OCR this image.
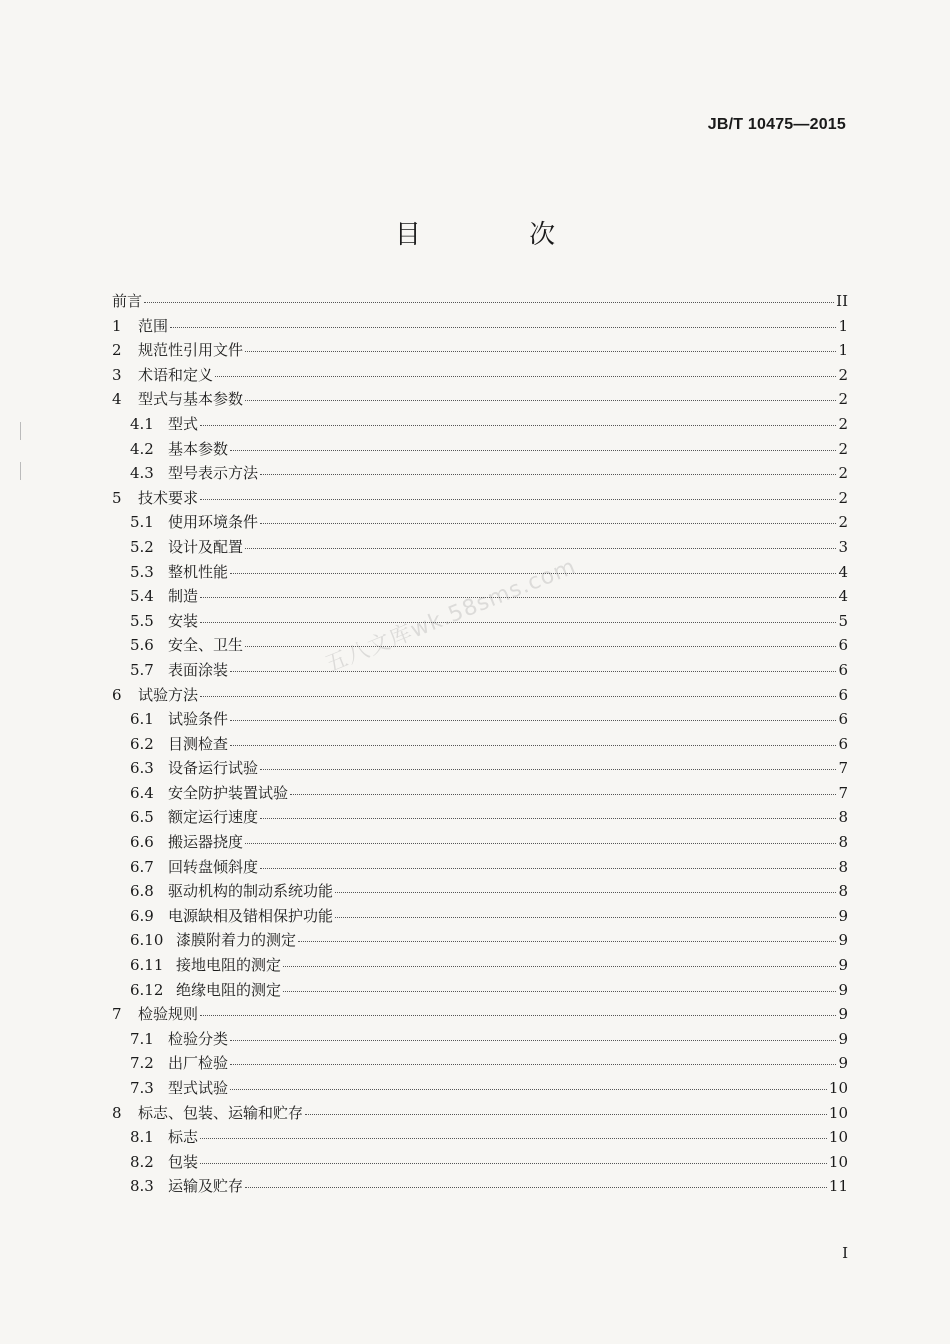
JB/T 10475—2015
目 次
五八文库wk.58sms.com
前言	II
1	范围	1
2	规范性引用文件	1
3	术语和定义	2
4	型式与基本参数	2
4.1 型式	2
4.2 基本参数	2
4.3 型号表示方法	2
5	技术要求	2
5.1 使用环境条件	2
5.2 设计及配置	3
5.3 整机性能	4
5.4 制造	4
5.5 安装	5
5.6 安全、卫生	6
5.7 表面涂装	6
6	试验方法	6
6.1 试验条件	6
6.2 目测检查	6
6.3 设备运行试验	7
6.4 安全防护装置试验	7
6.5 额定运行速度	8
6.6 搬运器挠度	8
6.7 回转盘倾斜度	8
6.8 驱动机构的制动系统功能	8
6.9 电源缺相及错相保护功能	9
6.10 漆膜附着力的测定	9
6.11 接地电阻的测定	9
6.12 绝缘电阻的测定	9
7	检验规则	9
7.1 检验分类	9
7.2 出厂检验	9
7.3 型式试验	10
8	标志、包装、运输和贮存	10
8.1 标志	10
8.2 包装	10
8.3 运输及贮存	11
I
